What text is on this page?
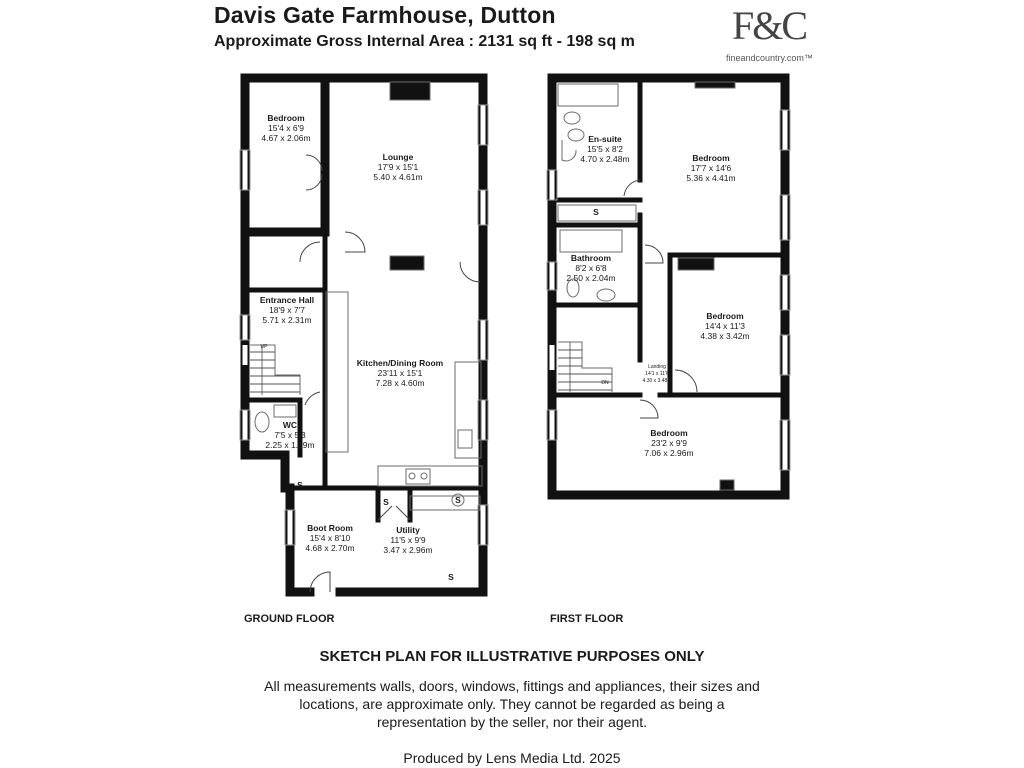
Davis Gate Farmhouse, Dutton
Approximate Gross Internal Area : 2131 sq ft - 198 sq m F&C
fineandcountry.com™
Bedroom
15'4 x 6'9
4.67 x 2.06m
Lounge
17'9 x 15'1
5.40 x 4.61m
Entrance Hall
18'9 x 7'7
5.71 x 2.31m
Kitchen/Dining Room
23'11 x 15'1
7.28 x 4.60m
WC
7'5 x 5'3
2.25 x 1.59m
Boot Room
15'4 x 8'10
4.68 x 2.70m
Utility
11'5 x 9'9
3.47 x 2.96m
UP
S
S	S
S
En-suite
15'5 x 8'2
4.70 x 2.48m	Bedroom
17'7 x 14'6
5.36 x 4.41m
Bathroom
8'2 x 6'8
2.50 x 2.04m
Bedroom
14'4 x 11'3
4.38 x 3.42m
Landing
14'1 x 11'6
4.30 x 3.48m
Bedroom
23'2 x 9'9
7.06 x 2.96m
DN
S
GROUND FLOOR	FIRST FLOOR
SKETCH PLAN FOR ILLUSTRATIVE PURPOSES ONLY
All measurements walls, doors, windows, fittings and appliances, their sizes and locations, are approximate only. They cannot be regarded as being a representation by the seller, nor their agent.
Produced by Lens Media Ltd. 2025
